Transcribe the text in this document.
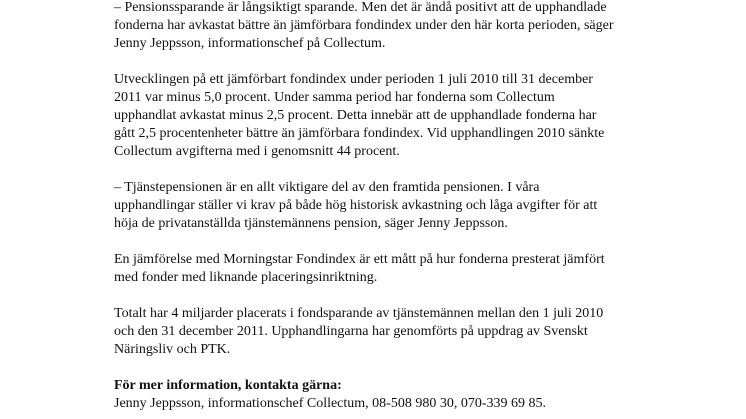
– Pensionssparande är långsiktigt sparande. Men det är ändå positivt att de upphandlade
fonderna har avkastat bättre än jämförbara fondindex under den här korta perioden, säger
Jenny Jeppsson, informationschef på Collectum.

Utvecklingen på ett jämförbart fondindex under perioden 1 juli 2010 till 31 december
2011 var minus 5,0 procent. Under samma period har fonderna som Collectum
upphandlat avkastat minus 2,5 procent. Detta innebär att de upphandlade fonderna har
gått 2,5 procentenheter bättre än jämförbara fondindex. Vid upphandlingen 2010 sänkte
Collectum avgifterna med i genomsnitt 44 procent.

– Tjänstepensionen är en allt viktigare del av den framtida pensionen. I våra
upphandlingar ställer vi krav på både hög historisk avkastning och låga avgifter för att
höja de privatanställda tjänstemännens pension, säger Jenny Jeppsson.

En jämförelse med Morningstar Fondindex är ett mått på hur fonderna presterat jämfört
med fonder med liknande placeringsinriktning.

Totalt har 4 miljarder placerats i fondsparande av tjänstemännen mellan den 1 juli 2010
och den 31 december 2011. Upphandlingarna har genomförts på uppdrag av Svenskt
Näringsliv och PTK.

För mer information, kontakta gärna:
Jenny Jeppsson, informationschef Collectum, 08-508 980 30, 070-339 69 85.
